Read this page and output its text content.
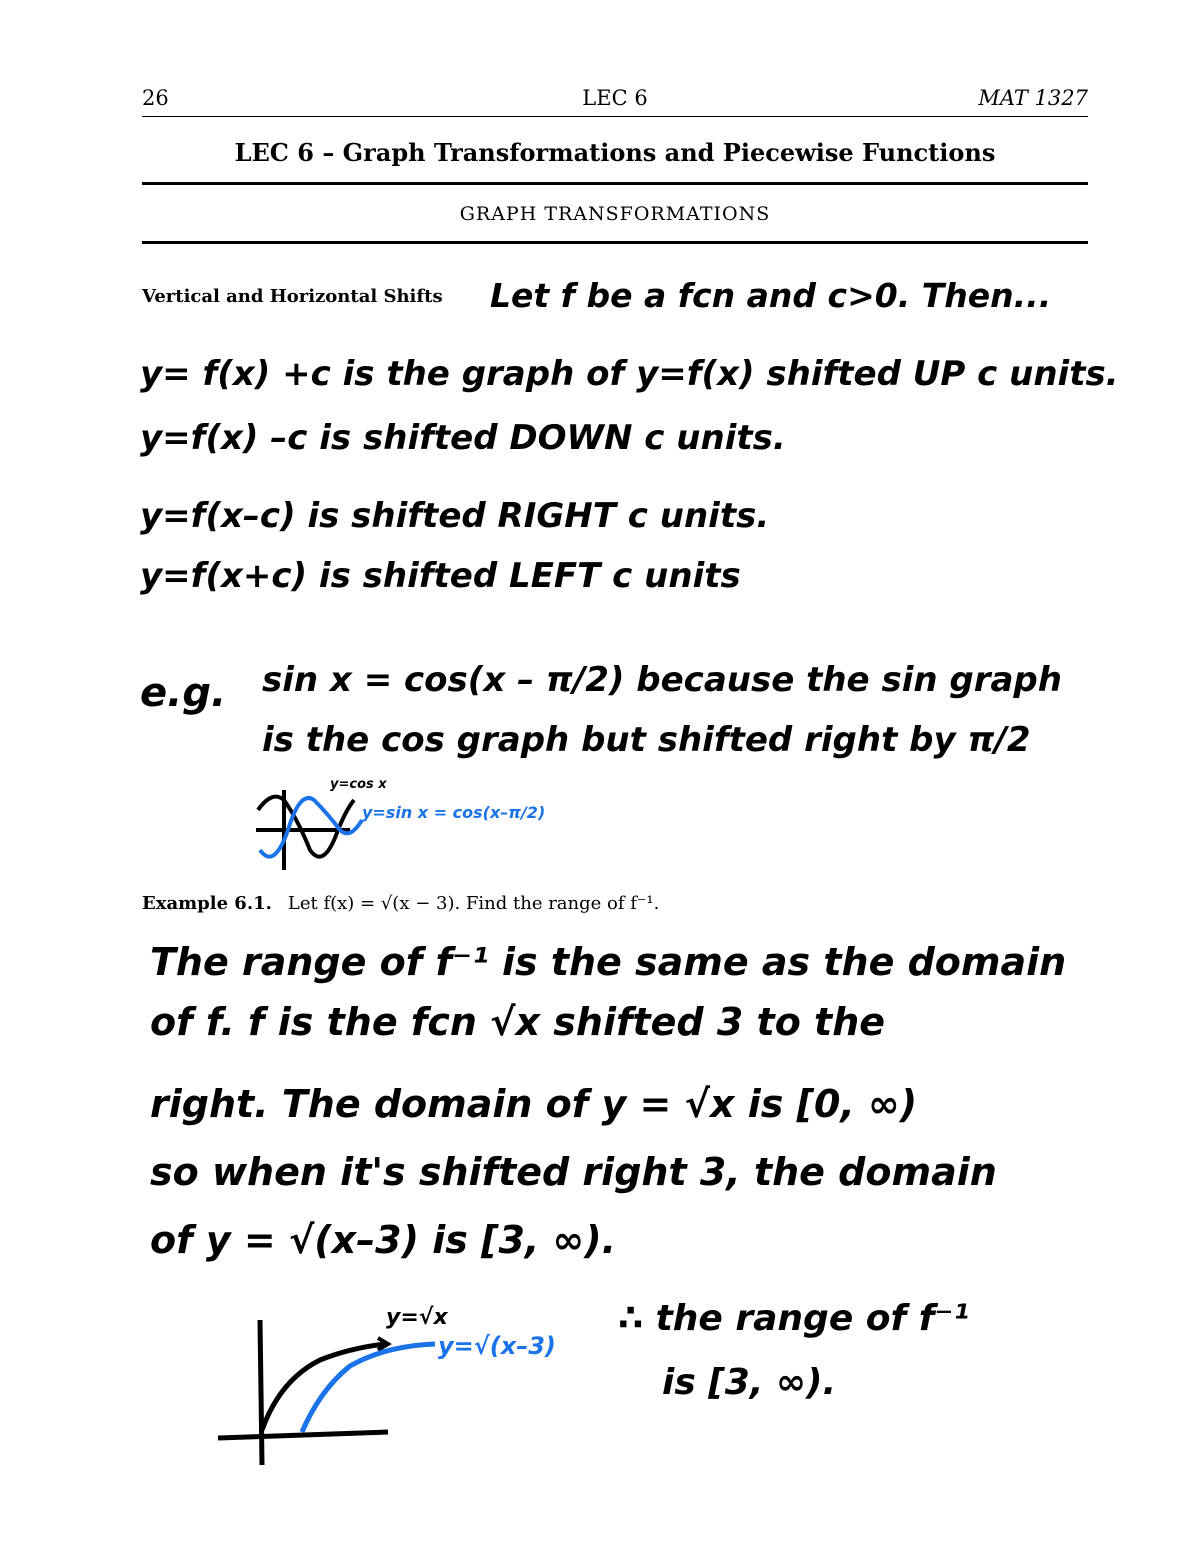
26	LEC 6	MAT 1327
LEC 6 – Graph Transformations and Piecewise Functions
GRAPH TRANSFORMATIONS
Vertical and Horizontal Shifts Let f be a fcn and c>0. Then...
y= f(x) +c is the graph of y=f(x) shifted UP c units.
y=f(x) –c is shifted DOWN c units.
y=f(x–c) is shifted RIGHT c units.
y=f(x+c) is shifted LEFT c units
e.g. sin x = cos(x – π/2) because the sin graph
is the cos graph but shifted right by π/2
y=cos x
y=sin x = cos(x–π/2)
Example 6.1. Let f(x) = √(x − 3). Find the range of f⁻¹.
The range of f⁻¹ is the same as the domain
of f. f is the fcn √x shifted 3 to the
right. The domain of y = √x is [0, ∞)
so when it's shifted right 3, the domain
of y = √(x–3) is [3, ∞).
y=√x
y=√(x–3)
∴ the range of f⁻¹
is [3, ∞).
